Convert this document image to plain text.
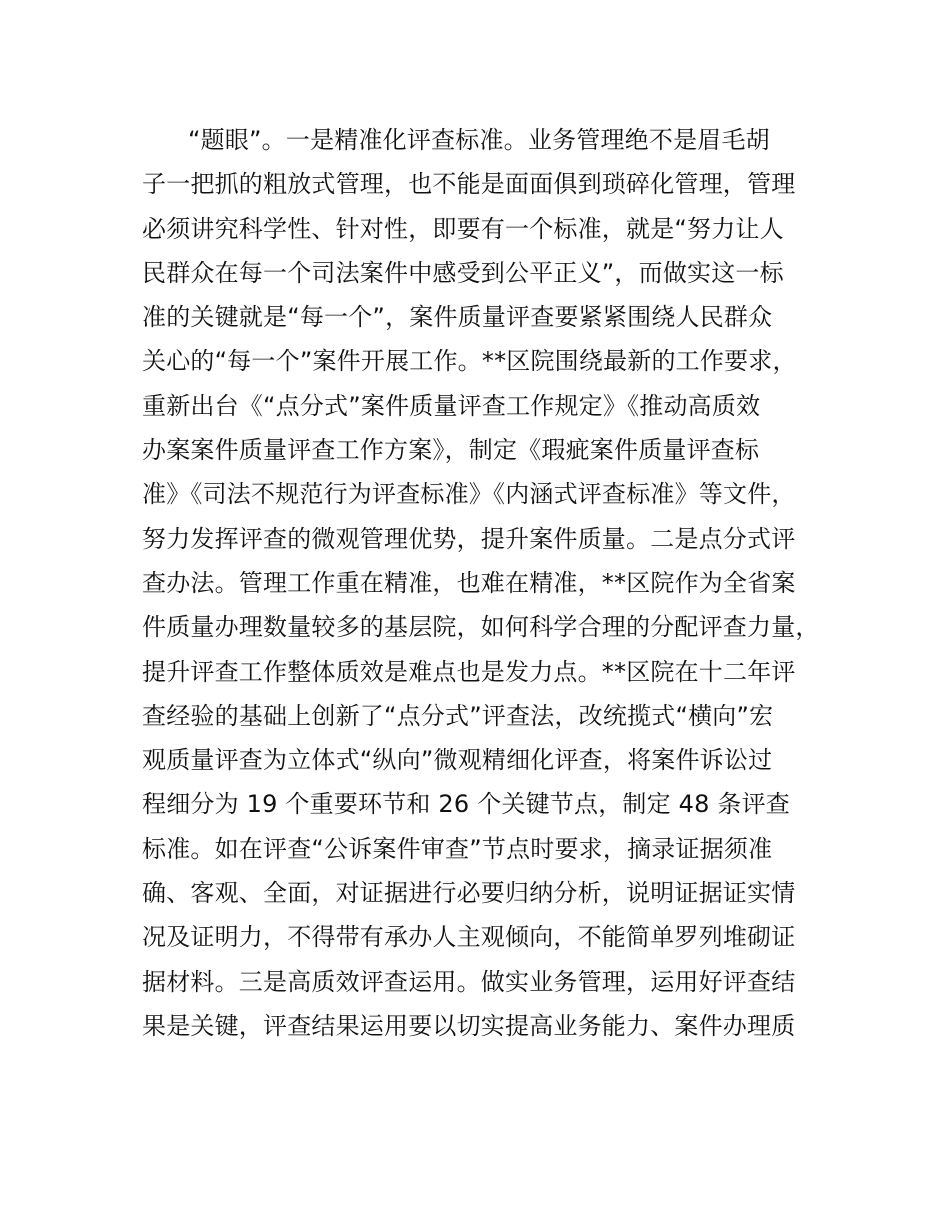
“题眼”。一是精准化评查标准。业务管理绝不是眉毛胡
子一把抓的粗放式管理，也不能是面面俱到琐碎化管理，管理
必须讲究科学性、针对性，即要有一个标准，就是“努力让人
民群众在每一个司法案件中感受到公平正义”，而做实这一标
准的关键就是“每一个”，案件质量评查要紧紧围绕人民群众
关心的“每一个”案件开展工作。**区院围绕最新的工作要求，
重新出台《“点分式”案件质量评查工作规定》《推动高质效
办案案件质量评查工作方案》，制定《瑕疵案件质量评查标
准》《司法不规范行为评查标准》《内涵式评查标准》等文件，
努力发挥评查的微观管理优势，提升案件质量。二是点分式评
查办法。管理工作重在精准，也难在精准，**区院作为全省案
件质量办理数量较多的基层院，如何科学合理的分配评查力量，
提升评查工作整体质效是难点也是发力点。**区院在十二年评
查经验的基础上创新了“点分式”评查法，改统揽式“横向”宏
观质量评查为立体式“纵向”微观精细化评查，将案件诉讼过
程细分为 19 个重要环节和 26 个关键节点，制定 48 条评查
标准。如在评查“公诉案件审查”节点时要求，摘录证据须准
确、客观、全面，对证据进行必要归纳分析，说明证据证实情
况及证明力，不得带有承办人主观倾向，不能简单罗列堆砌证
据材料。三是高质效评查运用。做实业务管理，运用好评查结
果是关键，评查结果运用要以切实提高业务能力、案件办理质
